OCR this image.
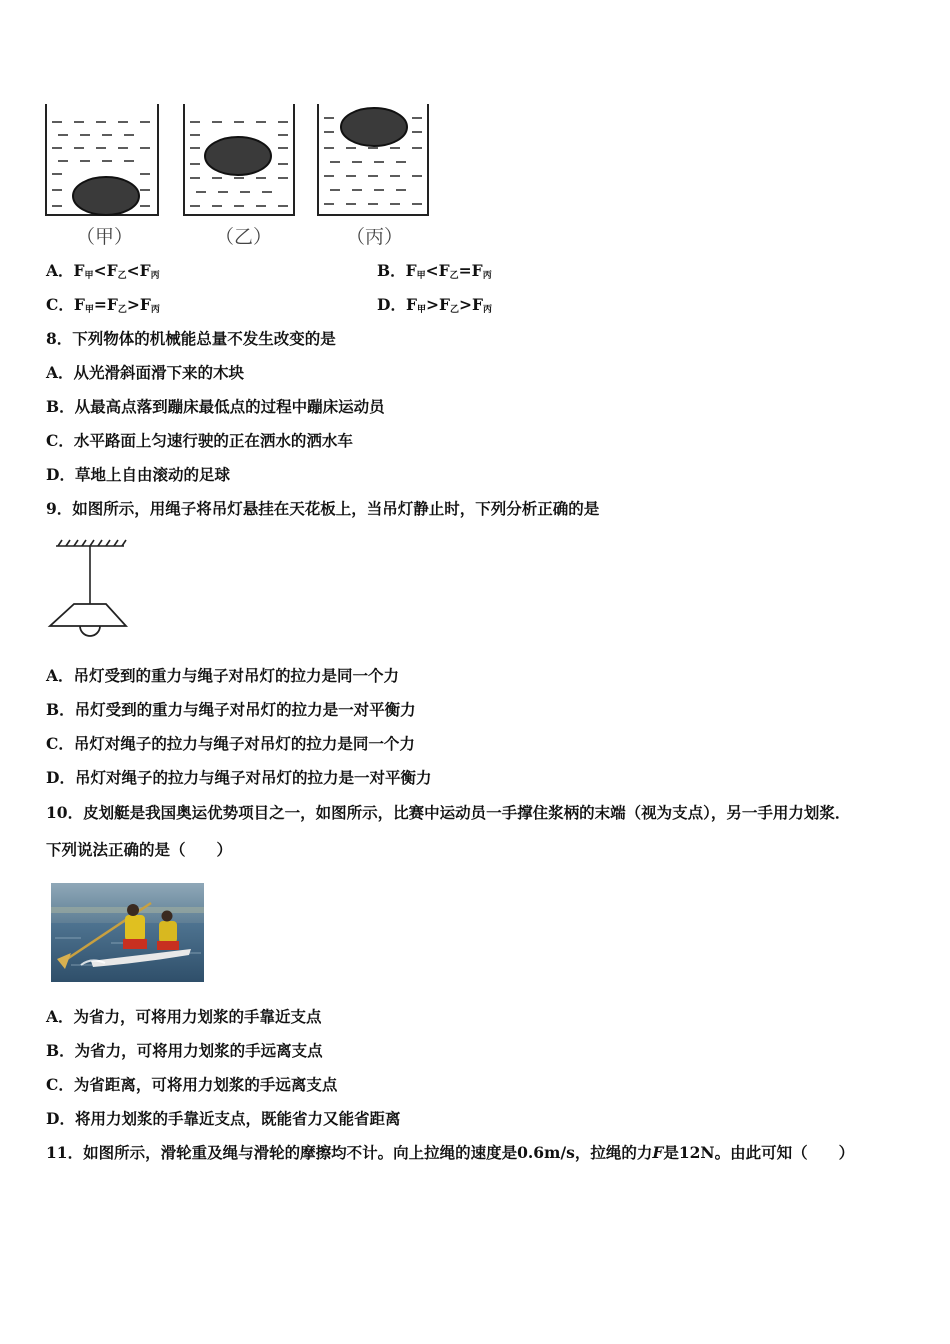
（甲）	（乙）	（丙）
A．$F_甲<F_乙<F_丙$	B．$F_甲<F_乙=F_丙$
C．$F_甲=F_乙>F_丙$	D．$F_甲>F_乙>F_丙$
8．下列物体的机械能总量不发生改变的是
A．从光滑斜面滑下来的木块
B．从最高点落到蹦床最低点的过程中蹦床运动员
C．水平路面上匀速行驶的正在洒水的洒水车
D．草地上自由滚动的足球
9．如图所示，用绳子将吊灯悬挂在天花板上，当吊灯静止时，下列分析正确的是
A．吊灯受到的重力与绳子对吊灯的拉力是同一个力
B．吊灯受到的重力与绳子对吊灯的拉力是一对平衡力
C．吊灯对绳子的拉力与绳子对吊灯的拉力是同一个力
D．吊灯对绳子的拉力与绳子对吊灯的拉力是一对平衡力
10．皮划艇是我国奥运优势项目之一，如图所示，比赛中运动员一手撑住浆柄的末端（视为支点），另一手用力划浆．
下列说法正确的是（　　）
A．为省力，可将用力划浆的手靠近支点
B．为省力，可将用力划浆的手远离支点
C．为省距离，可将用力划浆的手远离支点
D．将用力划浆的手靠近支点，既能省力又能省距离
11．如图所示，滑轮重及绳与滑轮的摩擦均不计。向上拉绳的速度是0.6m/s，拉绳的力F是12N。由此可知（　　）
